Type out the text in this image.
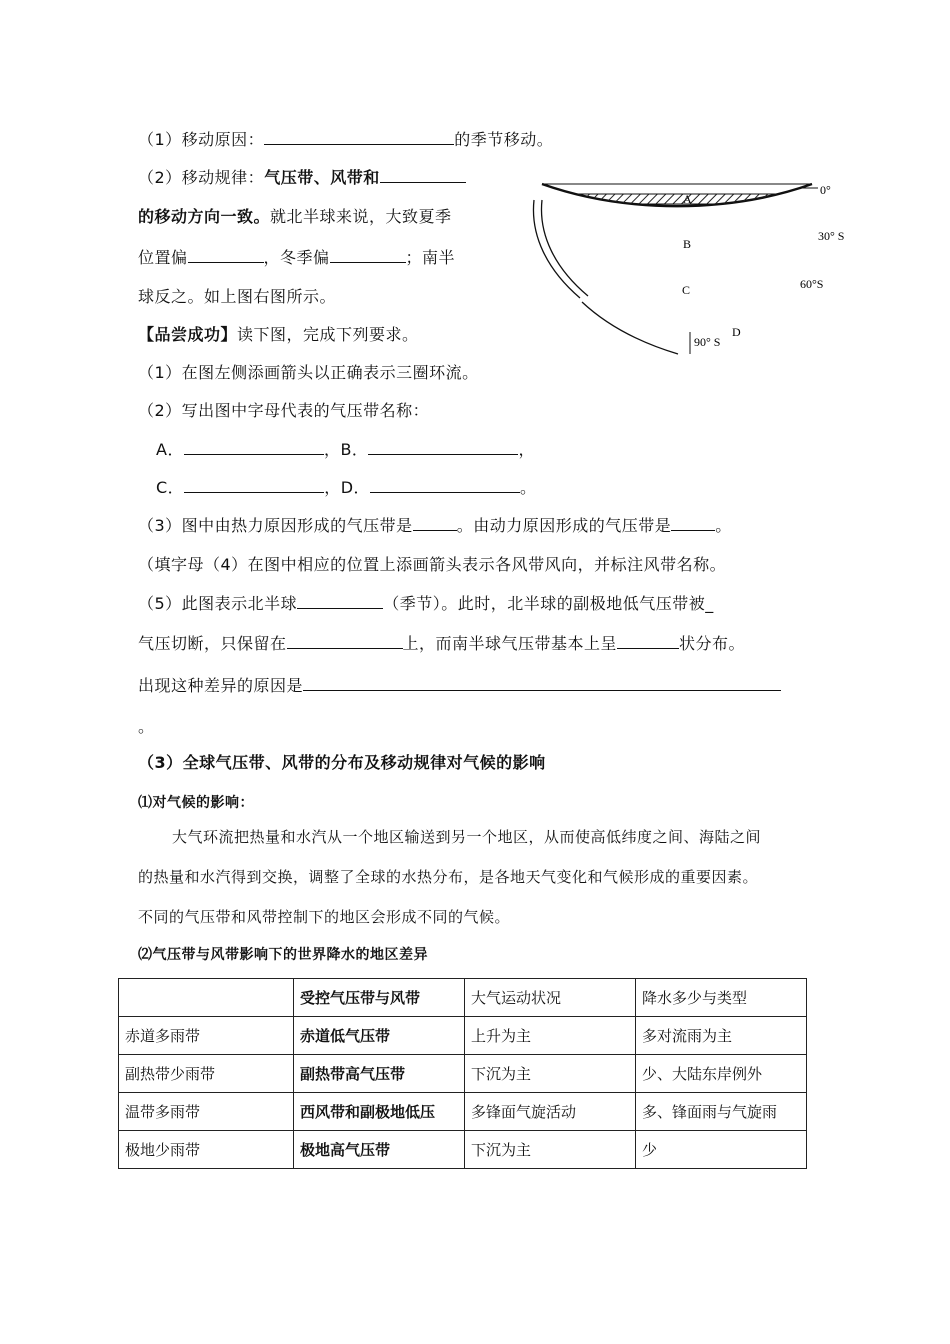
（1）移动原因：	的季节移动。
（2）移动规律：气压带、风带和
的移动方向一致。就北半球来说，大致夏季
位置偏	，冬季偏	；南半
球反之。如上图右图所示。
【品尝成功】读下图，完成下列要求。
（1）在图左侧添画箭头以正确表示三圈环流。
（2）写出图中字母代表的气压带名称：
A．	，B．	，
C．	，D．	。
（3）图中由热力原因形成的气压带是	。由动力原因形成的气压带是	。
（填字母（4）在图中相应的位置上添画箭头表示各风带风向，并标注风带名称。
（5）此图表示北半球	（季节）。此时，北半球的副极地低气压带被_
气压切断，只保留在	上，而南半球气压带基本上呈	状分布。
出现这种差异的原因是
。
（3）全球气压带、风带的分布及移动规律对气候的影响
⑴对气候的影响：
大气环流把热量和水汽从一个地区输送到另一个地区，从而使高低纬度之间、海陆之间
的热量和水汽得到交换，调整了全球的水热分布，是各地天气变化和气候形成的重要因素。
不同的气压带和风带控制下的地区会形成不同的气候。
⑵气压带与风带影响下的世界降水的地区差异
A
B
C
D
0°
30° S
60°S
90° S
	受控气压带与风带	大气运动状况	降水多少与类型
赤道多雨带	赤道低气压带	上升为主	多对流雨为主
副热带少雨带	副热带高气压带	下沉为主	少、大陆东岸例外
温带多雨带	西风带和副极地低压	多锋面气旋活动	多、锋面雨与气旋雨
极地少雨带	极地高气压带	下沉为主	少
